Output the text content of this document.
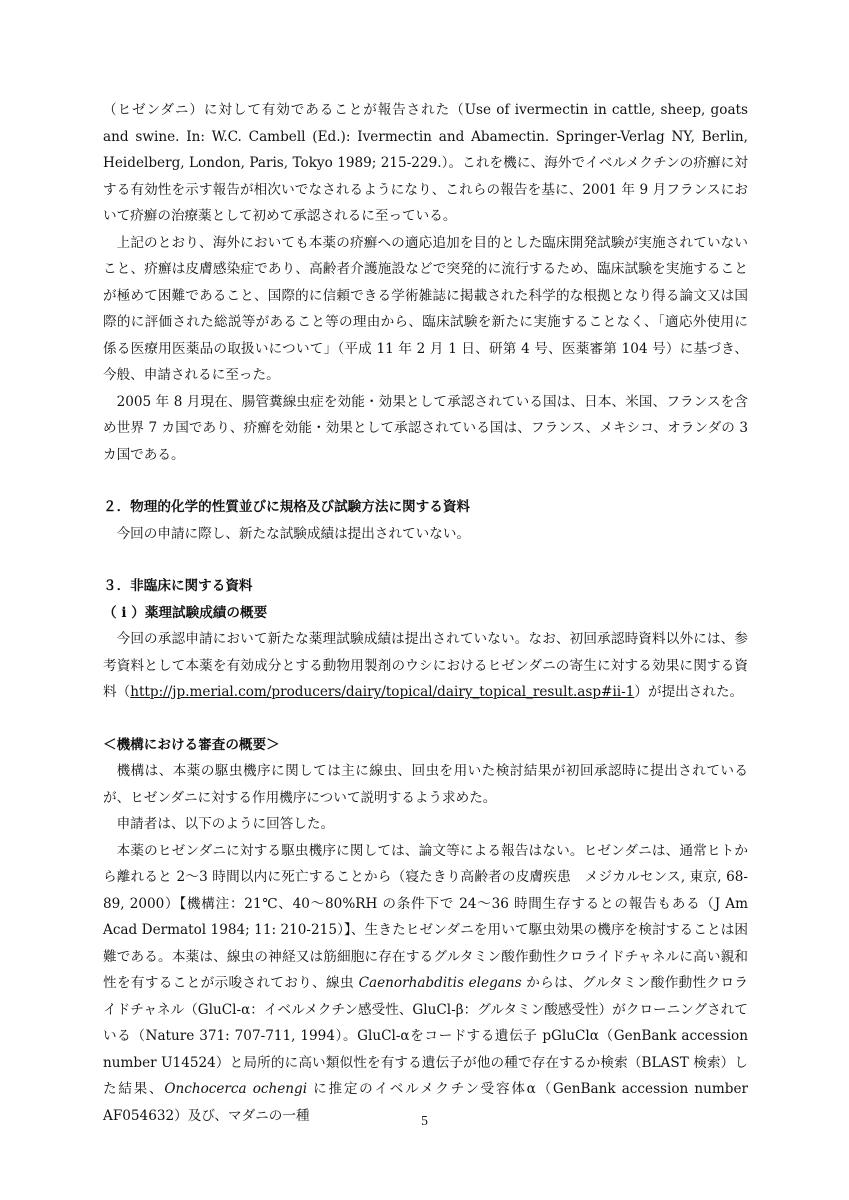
（ヒゼンダニ）に対して有効であることが報告された（Use of ivermectin in cattle, sheep, goats and swine. In: W.C. Cambell (Ed.): Ivermectin and Abamectin. Springer-Verlag NY, Berlin, Heidelberg, London, Paris, Tokyo 1989; 215-229.）。これを機に、海外でイベルメクチンの疥癬に対する有効性を示す報告が相次いでなされるようになり、これらの報告を基に、2001 年 9 月フランスにおいて疥癬の治療薬として初めて承認されるに至っている。

上記のとおり、海外においても本薬の疥癬への適応追加を目的とした臨床開発試験が実施されていないこと、疥癬は皮膚感染症であり、高齢者介護施設などで突発的に流行するため、臨床試験を実施することが極めて困難であること、国際的に信頼できる学術雑誌に掲載された科学的な根拠となり得る論文又は国際的に評価された総説等があること等の理由から、臨床試験を新たに実施することなく、「適応外使用に係る医療用医薬品の取扱いについて」（平成 11 年 2 月 1 日、研第 4 号、医薬審第 104 号）に基づき、今般、申請されるに至った。

2005 年 8 月現在、腸管糞線虫症を効能・効果として承認されている国は、日本、米国、フランスを含め世界 7 カ国であり、疥癬を効能・効果として承認されている国は、フランス、メキシコ、オランダの 3 カ国である。

２．物理的化学的性質並びに規格及び試験方法に関する資料

今回の申請に際し、新たな試験成績は提出されていない。

３．非臨床に関する資料

（ i ）薬理試験成績の概要

今回の承認申請において新たな薬理試験成績は提出されていない。なお、初回承認時資料以外には、参考資料として本薬を有効成分とする動物用製剤のウシにおけるヒゼンダニの寄生に対する効果に関する資料（http://jp.merial.com/producers/dairy/topical/dairy_topical_result.asp#ii-1）が提出された。

＜機構における審査の概要＞

機構は、本薬の駆虫機序に関しては主に線虫、回虫を用いた検討結果が初回承認時に提出されているが、ヒゼンダニに対する作用機序について説明するよう求めた。

申請者は、以下のように回答した。

本薬のヒゼンダニに対する駆虫機序に関しては、論文等による報告はない。ヒゼンダニは、通常ヒトから離れると 2～3 時間以内に死亡することから（寝たきり高齢者の皮膚疾患　メジカルセンス, 東京, 68-89, 2000）【機構注：21℃、40～80%RH の条件下で 24～36 時間生存するとの報告もある（J Am Acad Dermatol 1984; 11: 210-215）】、生きたヒゼンダニを用いて駆虫効果の機序を検討することは困難である。本薬は、線虫の神経又は筋細胞に存在するグルタミン酸作動性クロライドチャネルに高い親和性を有することが示唆されており、線虫 Caenorhabditis elegans からは、グルタミン酸作動性クロライドチャネル（GluCl-α：イベルメクチン感受性、GluCl-β：グルタミン酸感受性）がクローニングされている（Nature 371: 707-711, 1994）。GluCl-αをコードする遺伝子 pGluClα（GenBank accession number U14524）と局所的に高い類似性を有する遺伝子が他の種で存在するか検索（BLAST 検索）した結果、Onchocerca ochengi に推定のイベルメクチン受容体α（GenBank accession number AF054632）及び、マダニの一種	5
